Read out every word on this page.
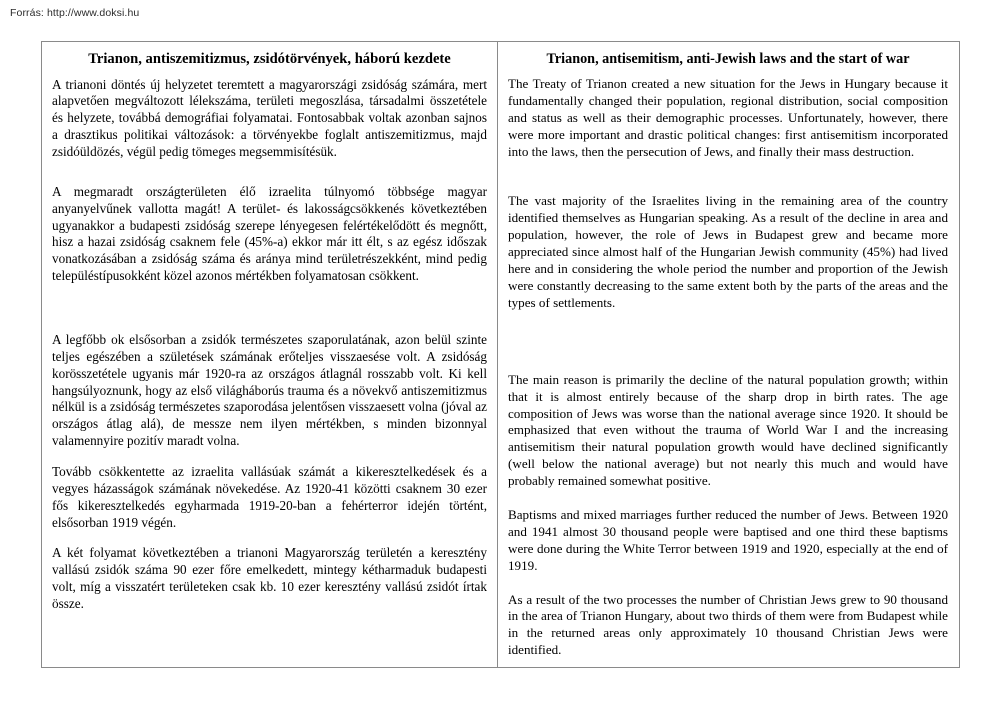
Forrás: http://www.doksi.hu
Trianon, antiszemitizmus, zsidótörvények, háború kezdete

A trianoni döntés új helyzetet teremtett a magyarországi zsidóság számára, mert alapvetően megváltozott lélekszáma, területi megoszlása, társadalmi összetétele és helyzete, továbbá demográfiai folyamatai. Fontosabbak voltak azonban sajnos a drasztikus politikai változások: a törvényekbe foglalt antiszemitizmus, majd zsidóüldözés, végül pedig tömeges megsemmisítésük.

A megmaradt országterületen élő izraelita túlnyomó többsége magyar anyanyelvűnek vallotta magát! A terület- és lakosságcsökkenés következtében ugyanakkor a budapesti zsidóság szerepe lényegesen felértékelődött és megnőtt, hisz a hazai zsidóság csaknem fele (45%-a) ekkor már itt élt, s az egész időszak vonatkozásában a zsidóság száma és aránya mind területrészekként, mind pedig településtípusokként közel azonos mértékben folyamatosan csökkent.

A legfőbb ok elsősorban a zsidók természetes szaporulatának, azon belül szinte teljes egészében a születések számának erőteljes visszaesése volt. A zsidóság korösszetétele ugyanis már 1920-ra az országos átlagnál rosszabb volt. Ki kell hangsúlyoznunk, hogy az első világháborús trauma és a növekvő antiszemitizmus nélkül is a zsidóság természetes szaporodása jelentősen visszaesett volna (jóval az országos átlag alá), de messze nem ilyen mértékben, s minden bizonnyal valamennyire pozitív maradt volna.

Tovább csökkentette az izraelita vallásúak számát a kikeresztelkedések és a vegyes házasságok számának növekedése. Az 1920-41 közötti csaknem 30 ezer fős kikeresztelkedés egyharmada 1919-20-ban a fehérterror idején történt, elsősorban 1919 végén.

A két folyamat következtében a trianoni Magyarország területén a keresztény vallású zsidók száma 90 ezer főre emelkedett, mintegy kétharmaduk budapesti volt, míg a visszatért területeken csak kb. 10 ezer keresztény vallású zsidót írtak össze.

Trianon, antisemitism, anti-Jewish laws and the start of war

The Treaty of Trianon created a new situation for the Jews in Hungary because it fundamentally changed their population, regional distribution, social composition and status as well as their demographic processes. Unfortunately, however, there were more important and drastic political changes: first antisemitism incorporated into the laws, then the persecution of Jews, and finally their mass destruction.

The vast majority of the Israelites living in the remaining area of the country identified themselves as Hungarian speaking. As a result of the decline in area and population, however, the role of Jews in Budapest grew and became more appreciated since almost half of the Hungarian Jewish community (45%) had lived here and in considering the whole period the number and proportion of the Jewish were constantly decreasing to the same extent both by the parts of the areas and the types of settlements.

The main reason is primarily the decline of the natural population growth; within that it is almost entirely because of the sharp drop in birth rates. The age composition of Jews was worse than the national average since 1920. It should be emphasized that even without the trauma of World War I and the increasing antisemitism their natural population growth would have declined significantly (well below the national average) but not nearly this much and would have probably remained somewhat positive.

Baptisms and mixed marriages further reduced the number of Jews. Between 1920 and 1941 almost 30 thousand people were baptised and one third these baptisms were done during the White Terror between 1919 and 1920, especially at the end of 1919.

As a result of the two processes the number of Christian Jews grew to 90 thousand in the area of Trianon Hungary, about two thirds of them were from Budapest while in the returned areas only approximately 10 thousand Christian Jews were identified.
